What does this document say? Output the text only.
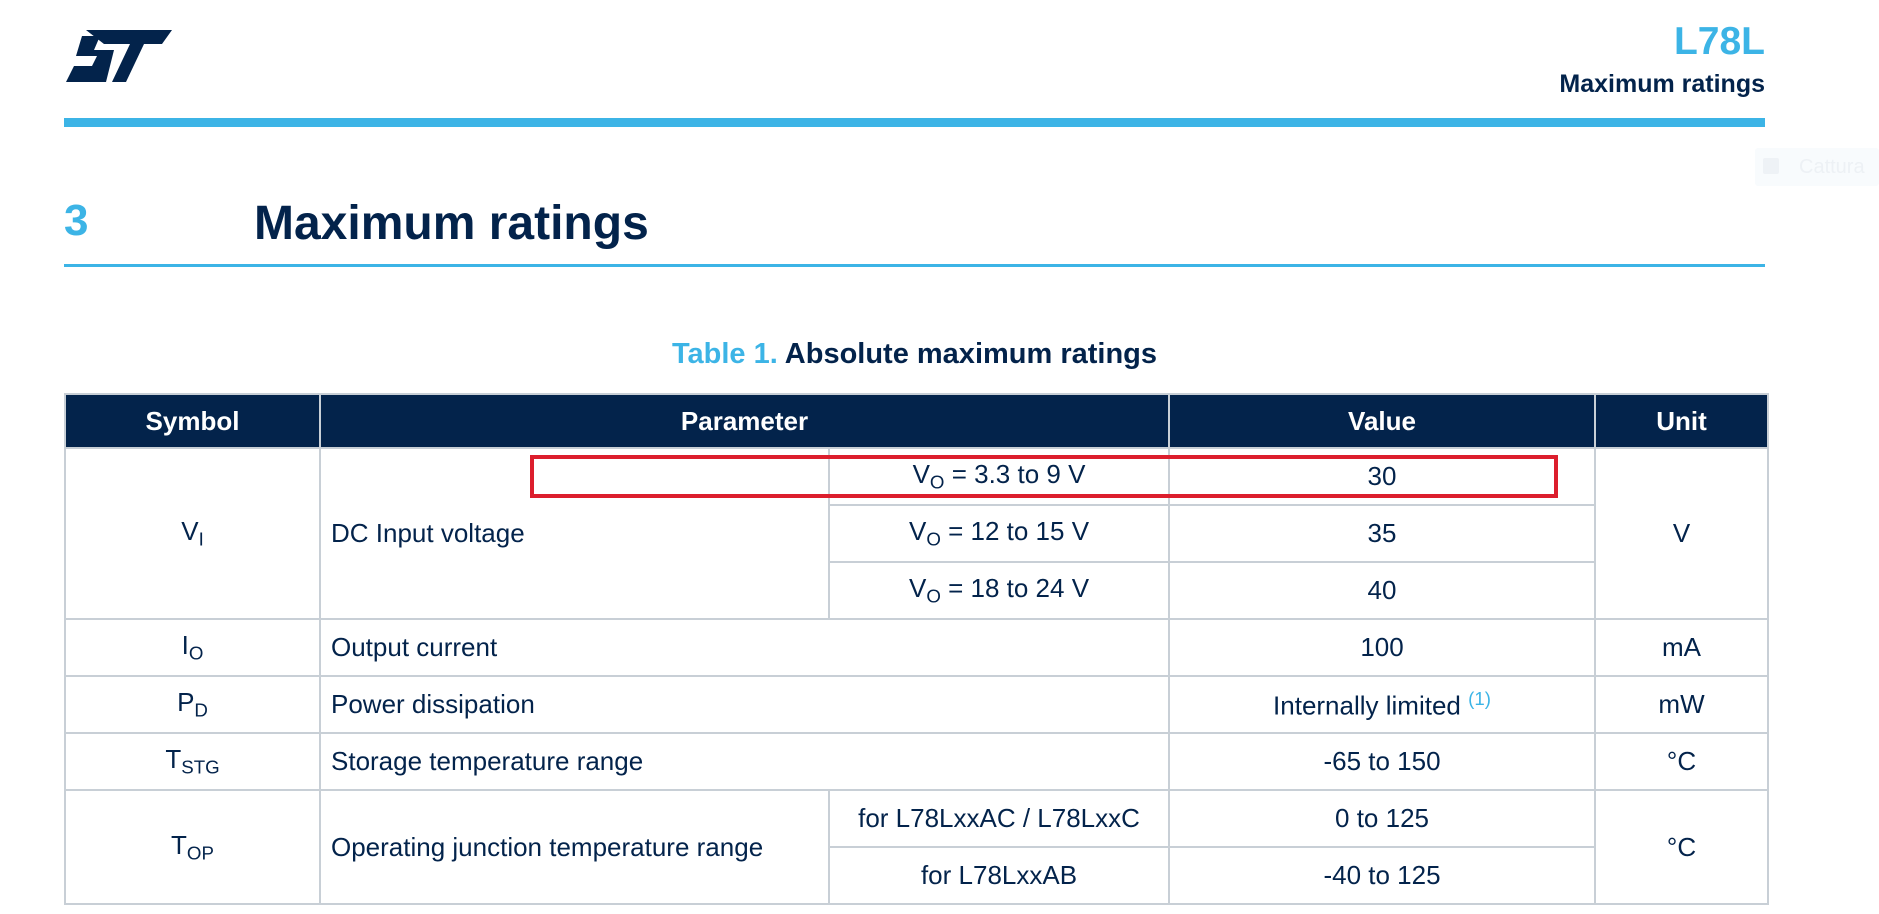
L78L
Maximum ratings
Cattura
3	Maximum ratings
Table 1. Absolute maximum ratings
Symbol	Parameter		Value	Unit
$V_I$	DC Input voltage	$V_O = 3.3$ to 9 V	30	V
		$V_O = 12$ to 15 V	35	
		$V_O = 18$ to 24 V	40	
$I_O$	Output current		100	mA
$P_D$	Power dissipation		Internally limited $^{(1)}$	mW
$T_{STG}$	Storage temperature range		-65 to 150	°C
$T_{OP}$	Operating junction temperature range	for L78LxxAC / L78LxxC	0 to 125	°C
		for L78LxxAB	-40 to 125	
